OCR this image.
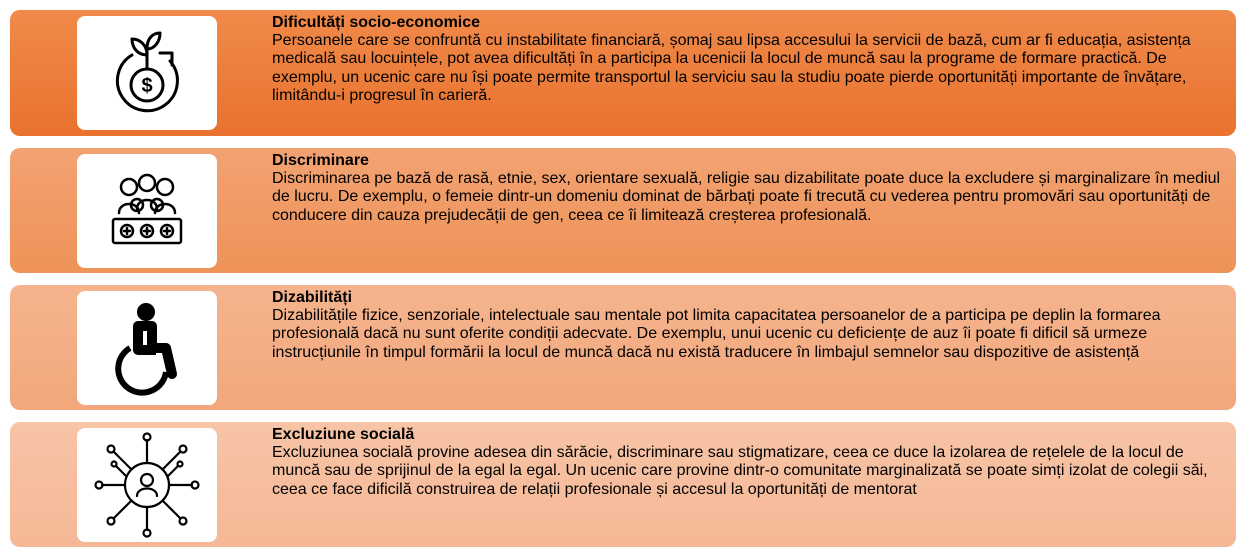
$

Dificultăți socio-economice

Persoanele care se confruntă cu instabilitate financiară, șomaj sau lipsa accesului la servicii de bază, cum ar fi educația, asistența medicală sau locuințele, pot avea dificultăți în a participa la ucenicii la locul de muncă sau la programe de formare practică. De exemplu, un ucenic care nu își poate permite transportul la serviciu sau la studiu poate pierde oportunități importante de învățare, limitându-i progresul în carieră.

Discriminare

Discriminarea pe bază de rasă, etnie, sex, orientare sexuală, religie sau dizabilitate poate duce la excludere și marginalizare în mediul de lucru. De exemplu, o femeie dintr-un domeniu dominat de bărbați poate fi trecută cu vederea pentru promovări sau oportunități de conducere din cauza prejudecății de gen, ceea ce îi limitează creșterea profesională.

Dizabilități

Dizabilitățile fizice, senzoriale, intelectuale sau mentale pot limita capacitatea persoanelor de a participa pe deplin la formarea profesională dacă nu sunt oferite condiții adecvate. De exemplu, unui ucenic cu deficiențe de auz îi poate fi dificil să urmeze instrucțiunile în timpul formării la locul de muncă dacă nu există traducere în limbajul semnelor sau dispozitive de asistență

Excluziune socială

Excluziunea socială provine adesea din sărăcie, discriminare sau stigmatizare, ceea ce duce la izolarea de rețelele de la locul de muncă sau de sprijinul de la egal la egal. Un ucenic care provine dintr-o comunitate marginalizată se poate simți izolat de colegii săi, ceea ce face dificilă construirea de relații profesionale și accesul la oportunități de mentorat
